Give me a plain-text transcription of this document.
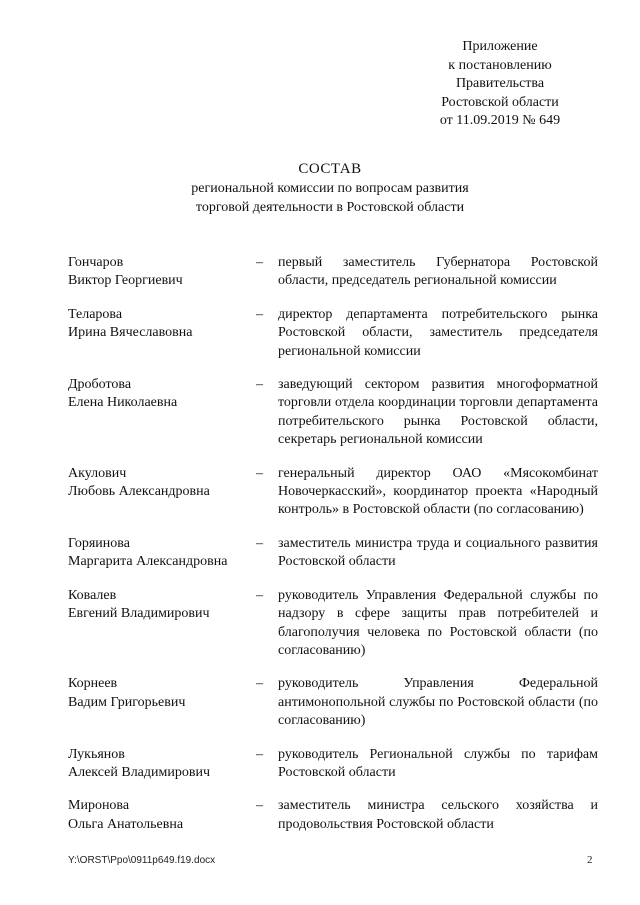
Приложение
к постановлению
Правительства
Ростовской области
от 11.09.2019 № 649
СОСТАВ
региональной комиссии по вопросам развития
торговой деятельности в Ростовской области
Гончаров
Виктор Георгиевич
–	первый заместитель Губернатора Ростовской области, председатель региональной комиссии
Теларова
Ирина Вячеславовна
–	директор департамента потребительского рынка Ростовской области, заместитель председателя региональной комиссии
Дроботова
Елена Николаевна
–	заведующий сектором развития многоформатной торговли отдела координации торговли департамента потребительского рынка Ростовской области, секретарь региональной комиссии
Акулович
Любовь Александровна
–	генеральный директор ОАО «Мясокомбинат Новочеркасский», координатор проекта «Народный контроль» в Ростовской области (по согласованию)
Горяинова
Маргарита Александровна
–	заместитель министра труда и социального развития Ростовской области
Ковалев
Евгений Владимирович
–	руководитель Управления Федеральной службы по надзору в сфере защиты прав потребителей и благополучия человека по Ростовской области (по согласованию)
Корнеев
Вадим Григорьевич
–	руководитель Управления Федеральной антимонопольной службы по Ростовской области (по согласованию)
Лукьянов
Алексей Владимирович
–	руководитель Региональной службы по тарифам Ростовской области
Миронова
Ольга Анатольевна
–	заместитель министра сельского хозяйства и продовольствия Ростовской области
Y:\ORST\Ppo\0911p649.f19.docx	2
